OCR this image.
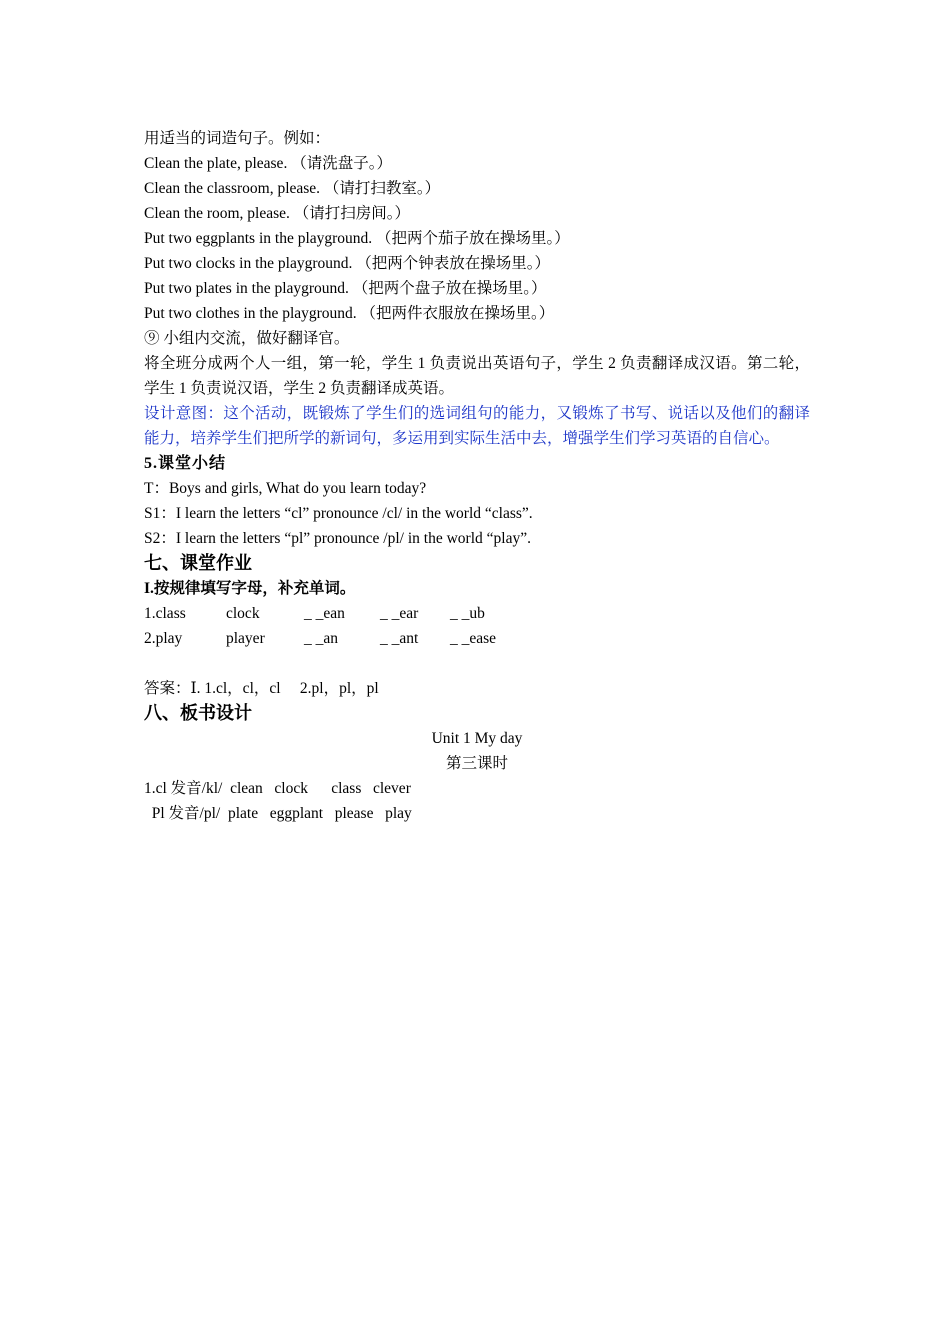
用适当的词造句子。例如：
Clean the plate, please. （请洗盘子。）
Clean the classroom, please. （请打扫教室。）
Clean the room, please. （请打扫房间。）
Put two eggplants in the playground. （把两个茄子放在操场里。）
Put two clocks in the playground. （把两个钟表放在操场里。）
Put two plates in the playground. （把两个盘子放在操场里。）
Put two clothes in the playground. （把两件衣服放在操场里。）
⑨ 小组内交流，做好翻译官。
将全班分成两个人一组，第一轮，学生 1 负责说出英语句子，学生 2 负责翻译成汉语。第二轮，学生 1 负责说汉语，学生 2 负责翻译成英语。
设计意图：这个活动，既锻炼了学生们的选词组句的能力，又锻炼了书写、说话以及他们的翻译能力，培养学生们把所学的新词句，多运用到实际生活中去，增强学生们学习英语的自信心。
5.课堂小结
T：Boys and girls, What do you learn today?
S1：I learn the letters “cl” pronounce /cl/ in the world “class”.
S2：I learn the letters “pl” pronounce /pl/ in the world “play”.
七、课堂作业
I.按规律填写字母，补充单词。
1.class	clock	_ _ean _ _ear _ _ub
2.play	player	_ _an	_ _ant _ _ease
答案：Ⅰ. 1.cl，cl，cl　 2.pl，pl，pl
八、板书设计
Unit 1 My day
第三课时
1.cl 发音/kl/  clean   clock      class   clever
Pl 发音/pl/  plate   eggplant   please   play
